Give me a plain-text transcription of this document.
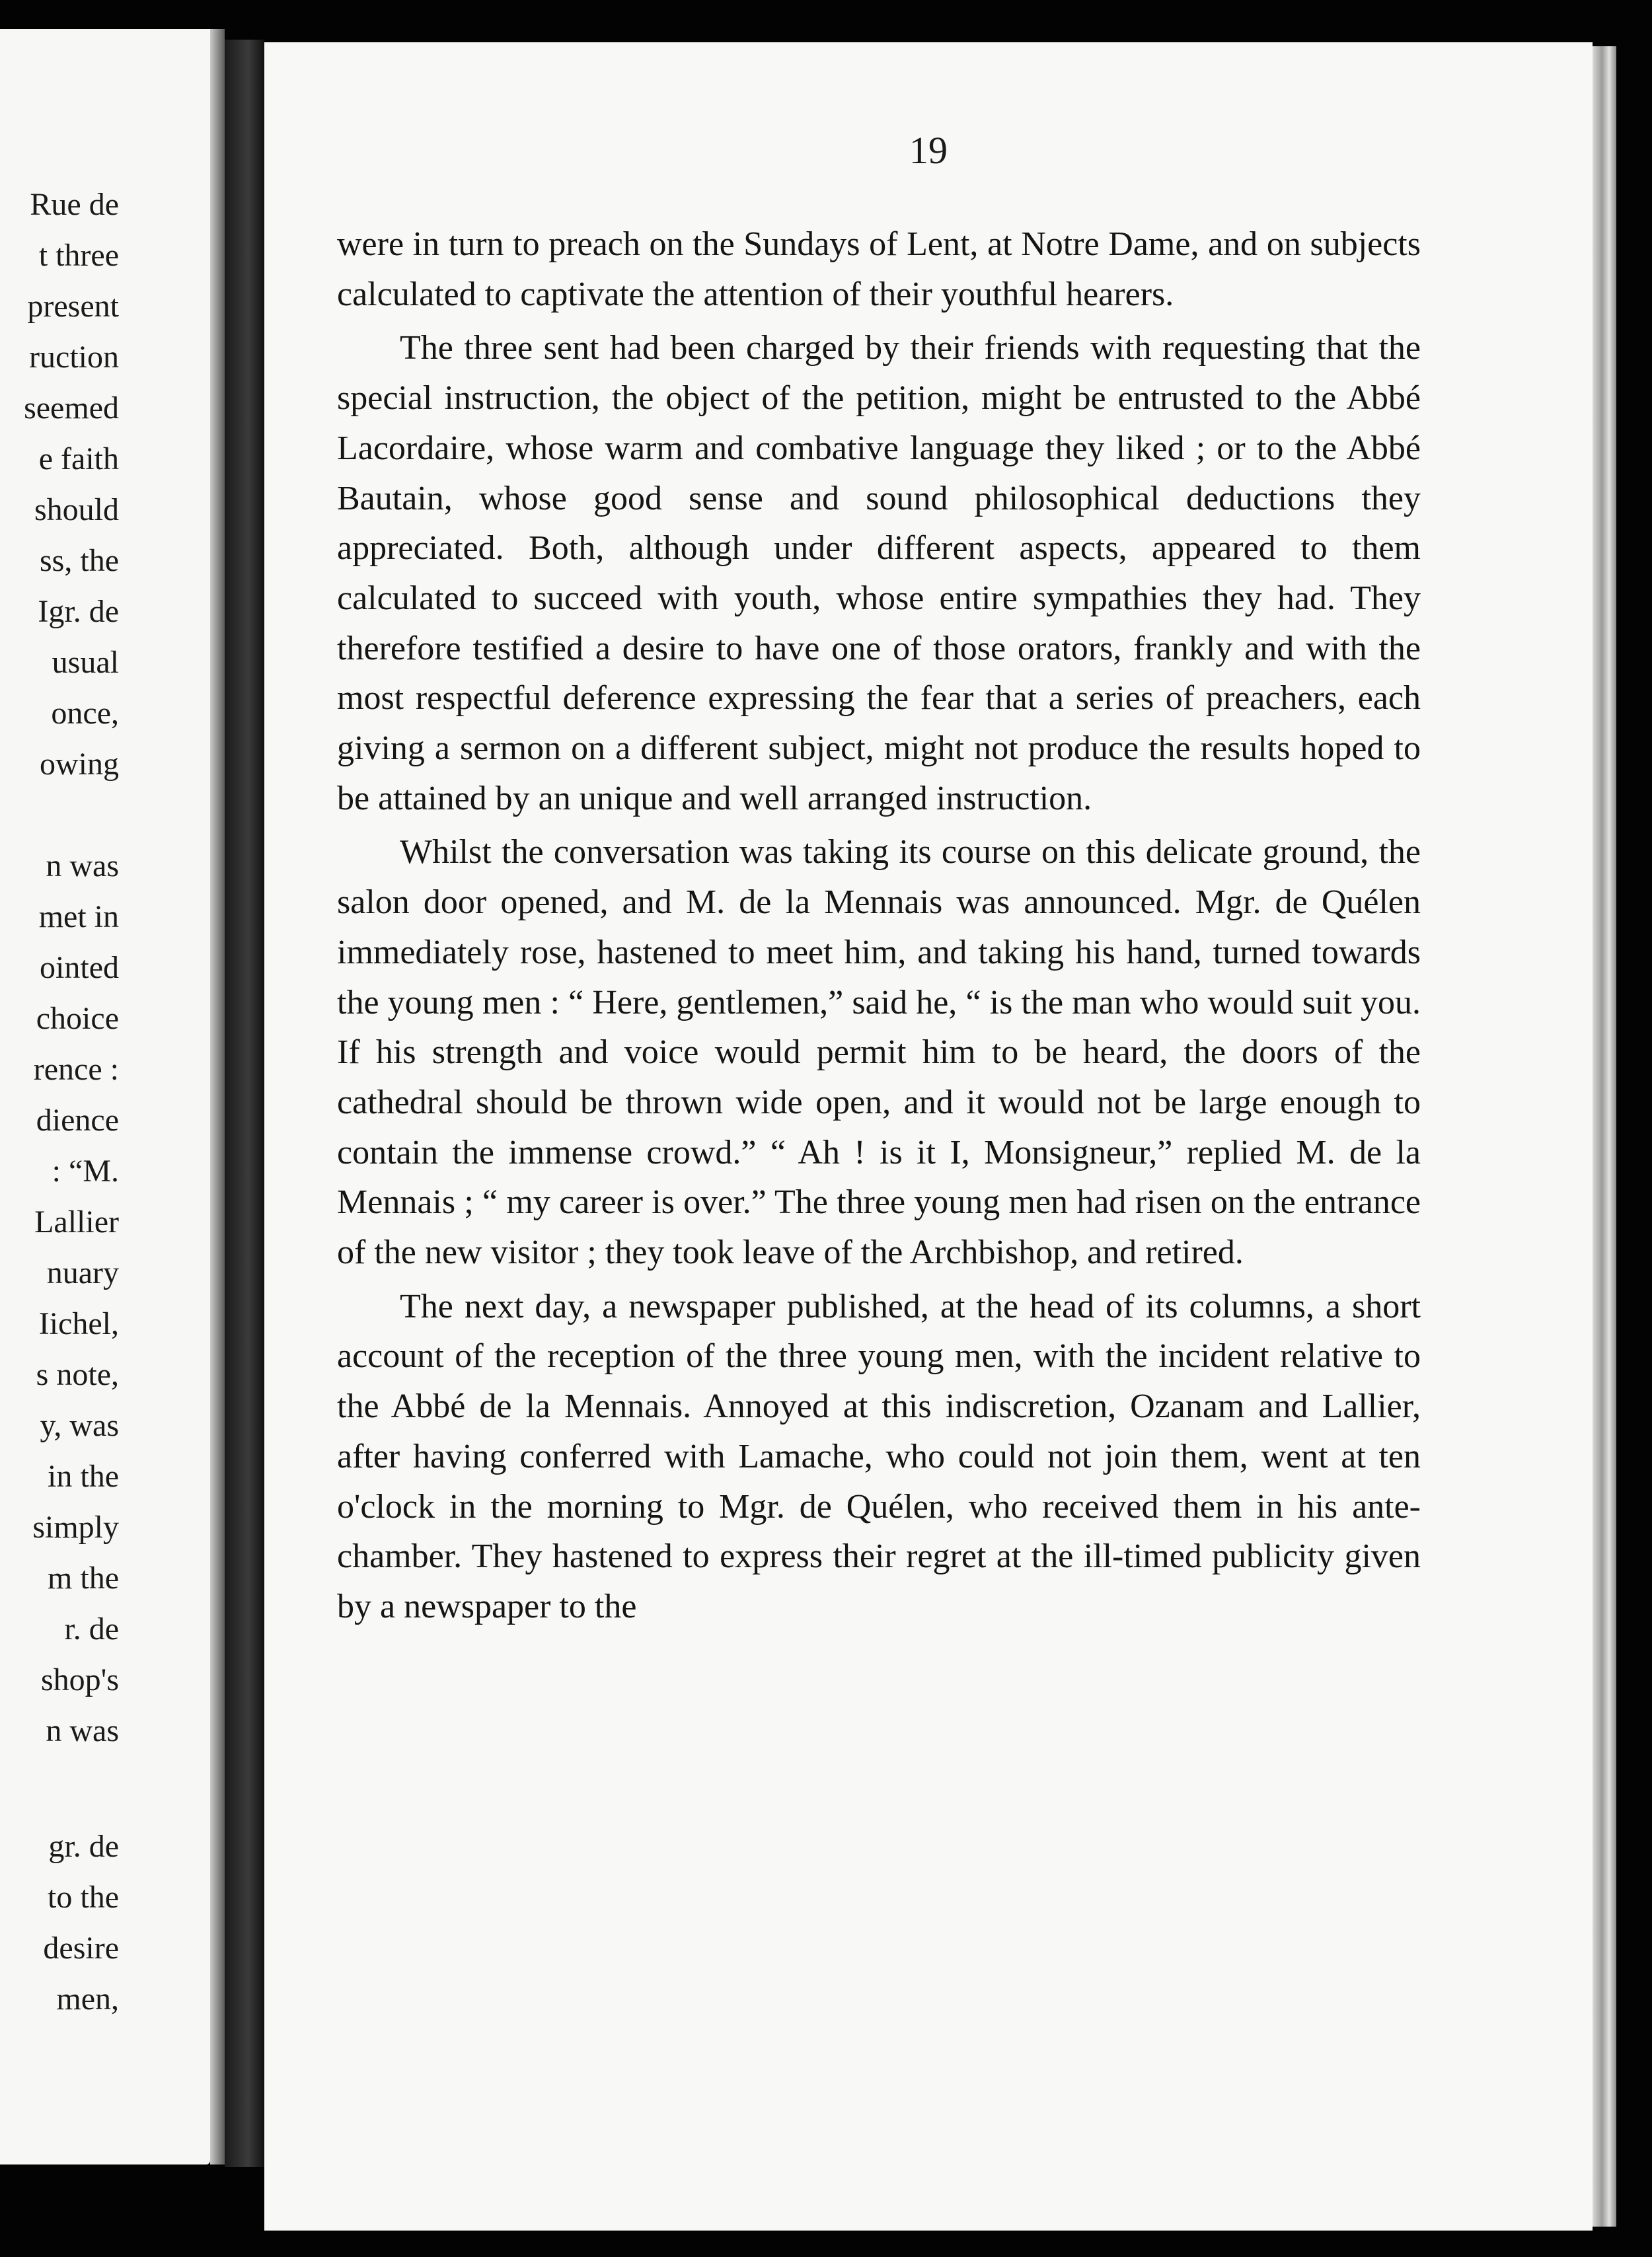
Rue de
t three
present
ruction
seemed
e faith
should
ss, the
Igr. de
usual
once,
owing
n was
met in
ointed
choice
rence :
dience
: “M.
Lallier
nuary
Iichel,
s note,
y, was
in the
simply
m the
r. de
shop's
n was
gr. de
to the
desire
men,
19

were in turn to preach on the Sundays of Lent, at Notre Dame, and on subjects calculated to captivate the attention of their youthful hearers.

The three sent had been charged by their friends with requesting that the special instruction, the object of the petition, might be entrusted to the Abbé Lacordaire, whose warm and combative language they liked ; or to the Abbé Bautain, whose good sense and sound philosophical deductions they appreciated. Both, although under different aspects, appeared to them calculated to succeed with youth, whose entire sympathies they had. They therefore testified a desire to have one of those orators, frankly and with the most respectful deference expressing the fear that a series of preachers, each giving a sermon on a different subject, might not produce the results hoped to be attained by an unique and well arranged instruction.

Whilst the conversation was taking its course on this delicate ground, the salon door opened, and M. de la Mennais was announced. Mgr. de Quélen immediately rose, hastened to meet him, and taking his hand, turned towards the young men : “ Here, gentlemen,” said he, “ is the man who would suit you. If his strength and voice would permit him to be heard, the doors of the cathedral should be thrown wide open, and it would not be large enough to contain the immense crowd.” “ Ah ! is it I, Monsigneur,” replied M. de la Mennais ; “ my career is over.” The three young men had risen on the entrance of the new visitor ; they took leave of the Archbishop, and retired.

The next day, a newspaper published, at the head of its columns, a short account of the reception of the three young men, with the incident relative to the Abbé de la Mennais. Annoyed at this indiscretion, Ozanam and Lallier, after having conferred with Lamache, who could not join them, went at ten o'clock in the morning to Mgr. de Quélen, who received them in his ante-chamber. They hastened to express their regret at the ill-timed publicity given by a newspaper to the
